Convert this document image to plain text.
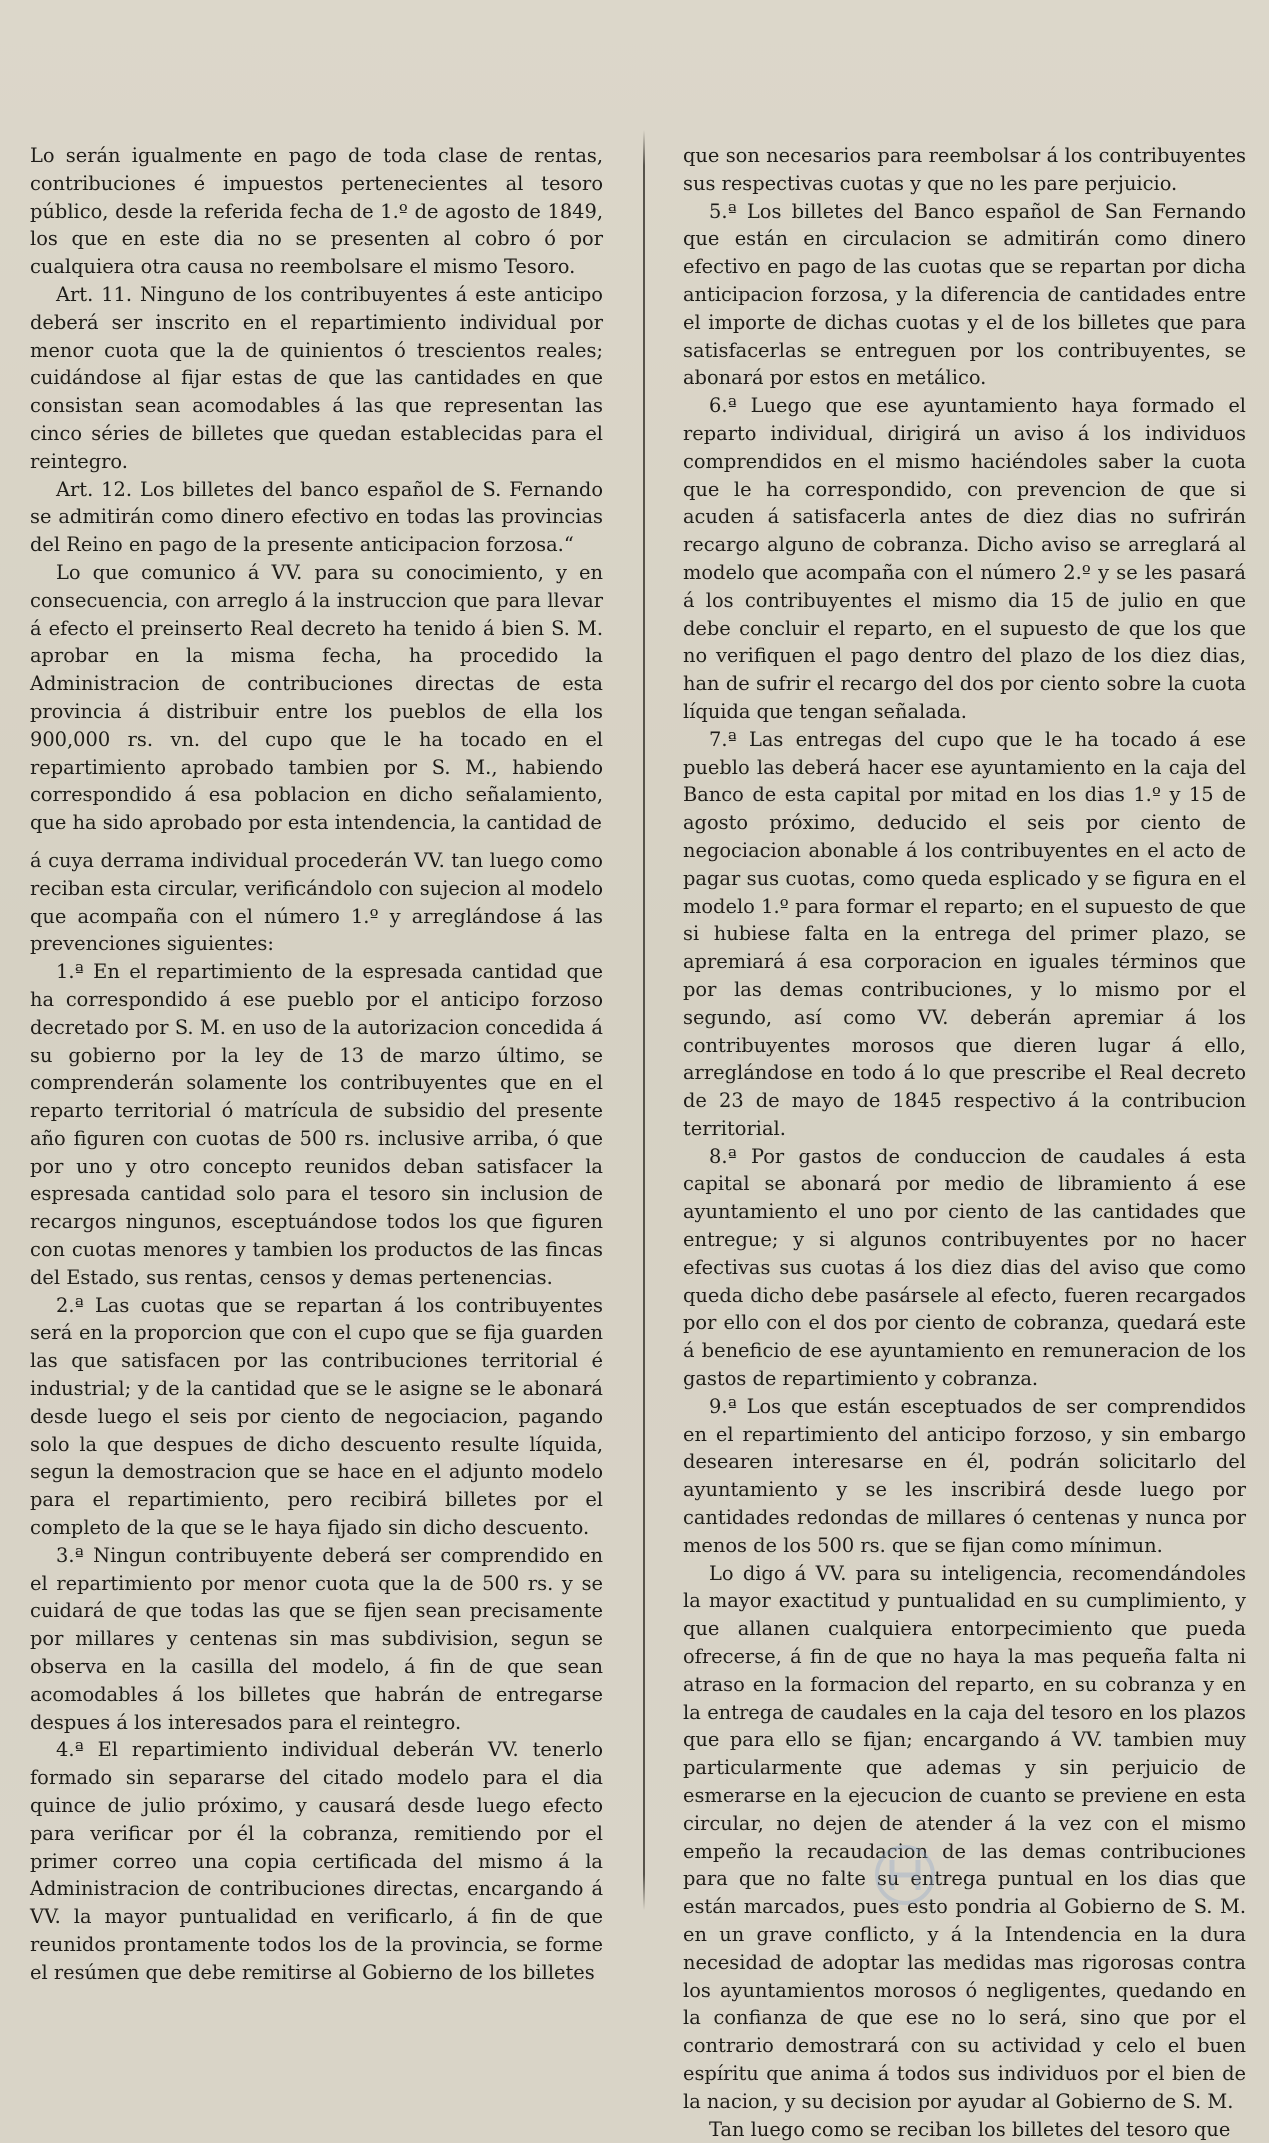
Lo serán igualmente en pago de toda clase de rentas, contribuciones é impuestos pertenecientes al tesoro público, desde la referida fecha de 1.º de agosto de 1849, los que en este dia no se presenten al cobro ó por cualquiera otra causa no reembolsare el mismo Tesoro.

Art. 11. Ninguno de los contribuyentes á este anticipo deberá ser inscrito en el repartimiento individual por menor cuota que la de quinientos ó trescientos reales; cuidándose al fijar estas de que las cantidades en que consistan sean acomodables á las que representan las cinco séries de billetes que quedan establecidas para el reintegro.

Art. 12. Los billetes del banco español de S. Fernando se admitirán como dinero efectivo en todas las provincias del Reino en pago de la presente anticipacion forzosa.“

Lo que comunico á VV. para su conocimiento, y en consecuencia, con arreglo á la instruccion que para llevar á efecto el preinserto Real decreto ha tenido á bien S. M. aprobar en la misma fecha, ha procedido la Administracion de contribuciones directas de esta provincia á distribuir entre los pueblos de ella los 900,000 rs. vn. del cupo que le ha tocado en el repartimiento aprobado tambien por S. M., habiendo correspondido á esa poblacion en dicho señalamiento, que ha sido aprobado por esta intendencia, la cantidad de

á cuya derrama individual procederán VV. tan luego como reciban esta circular, verificándolo con sujecion al modelo que acompaña con el número 1.º y arreglándose á las prevenciones siguientes:

1.ª En el repartimiento de la espresada cantidad que ha correspondido á ese pueblo por el anticipo forzoso decretado por S. M. en uso de la autorizacion concedida á su gobierno por la ley de 13 de marzo último, se comprenderán solamente los contribuyentes que en el reparto territorial ó matrícula de subsidio del presente año figuren con cuotas de 500 rs. inclusive arriba, ó que por uno y otro concepto reunidos deban satisfacer la espresada cantidad solo para el tesoro sin inclusion de recargos ningunos, esceptuándose todos los que figuren con cuotas menores y tambien los productos de las fincas del Estado, sus rentas, censos y demas pertenencias.

2.ª Las cuotas que se repartan á los contribuyentes será en la proporcion que con el cupo que se fija guarden las que satisfacen por las contribuciones territorial é industrial; y de la cantidad que se le asigne se le abonará desde luego el seis por ciento de negociacion, pagando solo la que despues de dicho descuento resulte líquida, segun la demostracion que se hace en el adjunto modelo para el repartimiento, pero recibirá billetes por el completo de la que se le haya fijado sin dicho descuento.

3.ª Ningun contribuyente deberá ser comprendido en el repartimiento por menor cuota que la de 500 rs. y se cuidará de que todas las que se fijen sean precisamente por millares y centenas sin mas subdivision, segun se observa en la casilla del modelo, á fin de que sean acomodables á los billetes que habrán de entregarse despues á los interesados para el reintegro.

4.ª El repartimiento individual deberán VV. tenerlo formado sin separarse del citado modelo para el dia quince de julio próximo, y causará desde luego efecto para verificar por él la cobranza, remitiendo por el primer correo una copia certificada del mismo á la Administracion de contribuciones directas, encargando á VV. la mayor puntualidad en verificarlo, á fin de que reunidos prontamente todos los de la provincia, se forme el resúmen que debe remitirse al Gobierno de los billetes

que son necesarios para reembolsar á los contribuyentes sus respectivas cuotas y que no les pare perjuicio.

5.ª Los billetes del Banco español de San Fernando que están en circulacion se admitirán como dinero efectivo en pago de las cuotas que se repartan por dicha anticipacion forzosa, y la diferencia de cantidades entre el importe de dichas cuotas y el de los billetes que para satisfacerlas se entreguen por los contribuyentes, se abonará por estos en metálico.

6.ª Luego que ese ayuntamiento haya formado el reparto individual, dirigirá un aviso á los individuos comprendidos en el mismo haciéndoles saber la cuota que le ha correspondido, con prevencion de que si acuden á satisfacerla antes de diez dias no sufrirán recargo alguno de cobranza. Dicho aviso se arreglará al modelo que acompaña con el número 2.º y se les pasará á los contribuyentes el mismo dia 15 de julio en que debe concluir el reparto, en el supuesto de que los que no verifiquen el pago dentro del plazo de los diez dias, han de sufrir el recargo del dos por ciento sobre la cuota líquida que tengan señalada.

7.ª Las entregas del cupo que le ha tocado á ese pueblo las deberá hacer ese ayuntamiento en la caja del Banco de esta capital por mitad en los dias 1.º y 15 de agosto próximo, deducido el seis por ciento de negociacion abonable á los contribuyentes en el acto de pagar sus cuotas, como queda esplicado y se figura en el modelo 1.º para formar el reparto; en el supuesto de que si hubiese falta en la entrega del primer plazo, se apremiará á esa corporacion en iguales términos que por las demas contribuciones, y lo mismo por el segundo, así como VV. deberán apremiar á los contribuyentes morosos que dieren lugar á ello, arreglándose en todo á lo que prescribe el Real decreto de 23 de mayo de 1845 respectivo á la contribucion territorial.

8.ª Por gastos de conduccion de caudales á esta capital se abonará por medio de libramiento á ese ayuntamiento el uno por ciento de las cantidades que entregue; y si algunos contribuyentes por no hacer efectivas sus cuotas á los diez dias del aviso que como queda dicho debe pasársele al efecto, fueren recargados por ello con el dos por ciento de cobranza, quedará este á beneficio de ese ayuntamiento en remuneracion de los gastos de repartimiento y cobranza.

9.ª Los que están esceptuados de ser comprendidos en el repartimiento del anticipo forzoso, y sin embargo desearen interesarse en él, podrán solicitarlo del ayuntamiento y se les inscribirá desde luego por cantidades redondas de millares ó centenas y nunca por menos de los 500 rs. que se fijan como mínimun.

Lo digo á VV. para su inteligencia, recomendándoles la mayor exactitud y puntualidad en su cumplimiento, y que allanen cualquiera entorpecimiento que pueda ofrecerse, á fin de que no haya la mas pequeña falta ni atraso en la formacion del reparto, en su cobranza y en la entrega de caudales en la caja del tesoro en los plazos que para ello se fijan; encargando á VV. tambien muy particularmente que ademas y sin perjuicio de esmerarse en la ejecucion de cuanto se previene en esta circular, no dejen de atender á la vez con el mismo empeño la recaudacion de las demas contribuciones para que no falte su entrega puntual en los dias que están marcados, pues esto pondria al Gobierno de S. M. en un grave conflicto, y á la Intendencia en la dura necesidad de adoptar las medidas mas rigorosas contra los ayuntamientos morosos ó negligentes, quedando en la confianza de que ese no lo será, sino que por el contrario demostrará con su actividad y celo el buen espíritu que anima á todos sus individuos por el bien de la nacion, y su decision por ayudar al Gobierno de S. M.

Tan luego como se reciban los billetes del tesoro que
